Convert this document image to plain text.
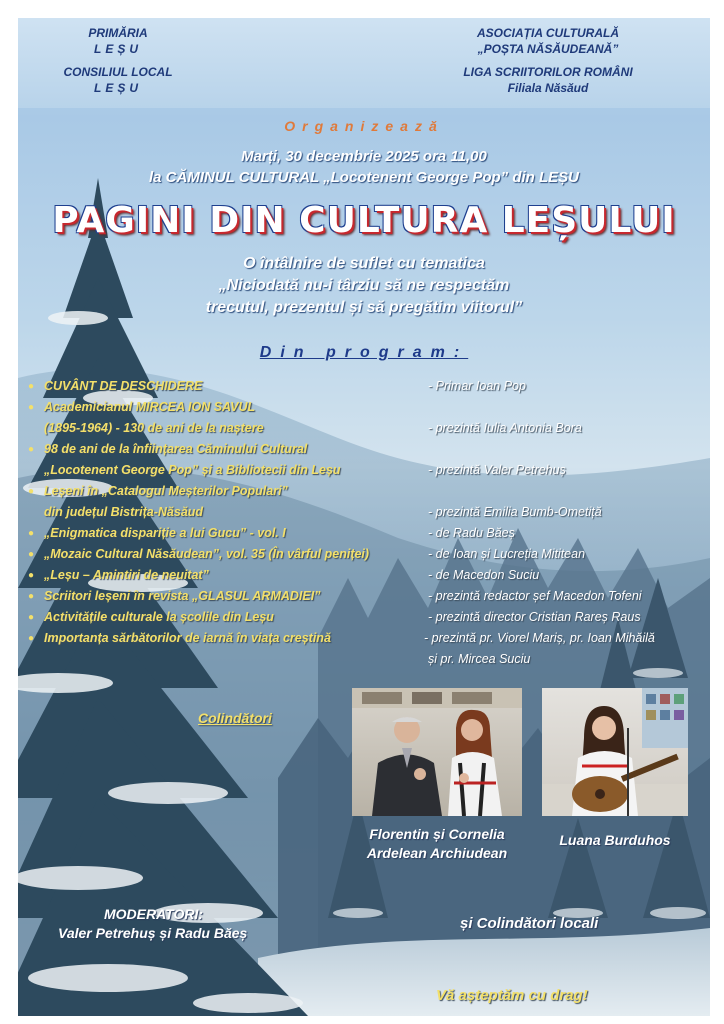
PRIMĂRIA
LEȘU
CONSILIUL LOCAL
LEȘU
ASOCIAȚIA CULTURALĂ
„POȘTA NĂSĂUDEANĂ”
LIGA SCRIITORILOR ROMÂNI
Filiala Năsăud
Organizează
Marți, 30 decembrie 2025 ora 11,00
la CĂMINUL CULTURAL „Locotenent George Pop” din LEȘU
PAGINI DIN CULTURA LEȘULUI
O întâlnire de suflet cu tematica
„Niciodată nu-i târziu să ne respectăm
trecutul, prezentul și să pregătim viitorul”
Din program:
● CUVÂNT DE DESCHIDERE	- Primar Ioan Pop
● Academicianul MIRCEA ION SAVUL
(1895-1964) - 130 de ani de la naștere	- prezintă Iulia Antonia Bora
● 98 de ani de la înființarea Căminului Cultural
„Locotenent George Pop” și a Bibliotecii din Leșu	- prezintă Valer Petrehuș
● Leșeni în „Catalogul Meșterilor Populari”
din județul Bistrița-Năsăud	- prezintă Emilia Bumb-Ometiță
● „Enigmatica dispariție a lui Gucu” - vol. I	- de Radu Băeș
● „Mozaic Cultural Năsăudean”, vol. 35 (În vârful peniței)	- de Ioan și Lucreția Mititean
● „Leșu – Amintiri de neuitat”	- de Macedon Suciu
● Scriitori leșeni în revista „GLASUL ARMADIEI”	- prezintă redactor șef Macedon Tofeni
● Activitățile culturale la școlile din Leșu	- prezintă director Cristian Rareș Raus
● Importanța sărbătorilor de iarnă în viața creștină	- prezintă pr. Viorel Mariș, pr. Ioan Mihăilă
și pr. Mircea Suciu
Colindători
Florentin și Cornelia
Ardelean Archiudean
Luana Burduhos
MODERATORI:
Valer Petrehuș și Radu Băeș
și Colindători locali
Vă așteptăm cu drag!
